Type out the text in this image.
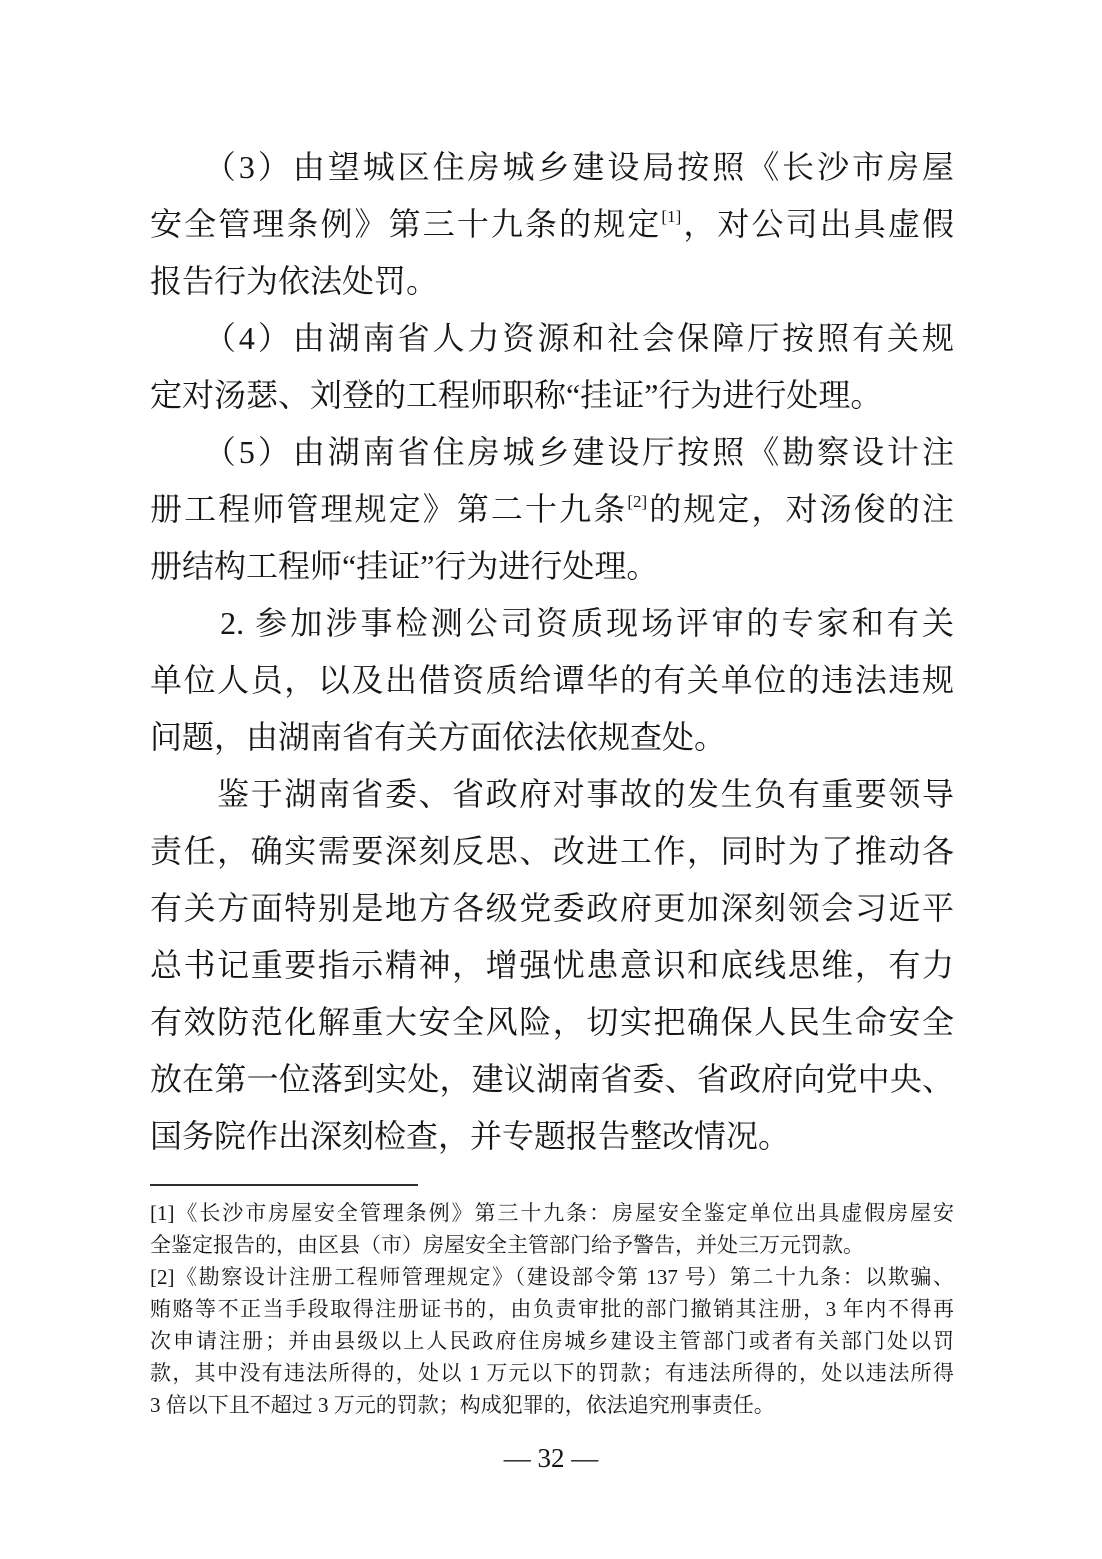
　　（3）由望城区住房城乡建设局按照《长沙市房屋
安全管理条例》第三十九条的规定[1]，对公司出具虚假
报告行为依法处罚。
　　（4）由湖南省人力资源和社会保障厅按照有关规
定对汤瑟、刘登的工程师职称“挂证”行为进行处理。
　　（5）由湖南省住房城乡建设厅按照《勘察设计注
册工程师管理规定》第二十九条[2]的规定，对汤俊的注
册结构工程师“挂证”行为进行处理。
　　2. 参加涉事检测公司资质现场评审的专家和有关
单位人员，以及出借资质给谭华的有关单位的违法违规
问题，由湖南省有关方面依法依规查处。
　　鉴于湖南省委、省政府对事故的发生负有重要领导
责任，确实需要深刻反思、改进工作，同时为了推动各
有关方面特别是地方各级党委政府更加深刻领会习近平
总书记重要指示精神，增强忧患意识和底线思维，有力
有效防范化解重大安全风险，切实把确保人民生命安全
放在第一位落到实处，建议湖南省委、省政府向党中央、
国务院作出深刻检查，并专题报告整改情况。
[1]《长沙市房屋安全管理条例》第三十九条：房屋安全鉴定单位出具虚假房屋安
全鉴定报告的，由区县（市）房屋安全主管部门给予警告，并处三万元罚款。
[2]《勘察设计注册工程师管理规定》（建设部令第 137 号）第二十九条：以欺骗、
贿赂等不正当手段取得注册证书的，由负责审批的部门撤销其注册，3 年内不得再
次申请注册；并由县级以上人民政府住房城乡建设主管部门或者有关部门处以罚
款，其中没有违法所得的，处以 1 万元以下的罚款；有违法所得的，处以违法所得
3 倍以下且不超过 3 万元的罚款；构成犯罪的，依法追究刑事责任。
— 32 —
